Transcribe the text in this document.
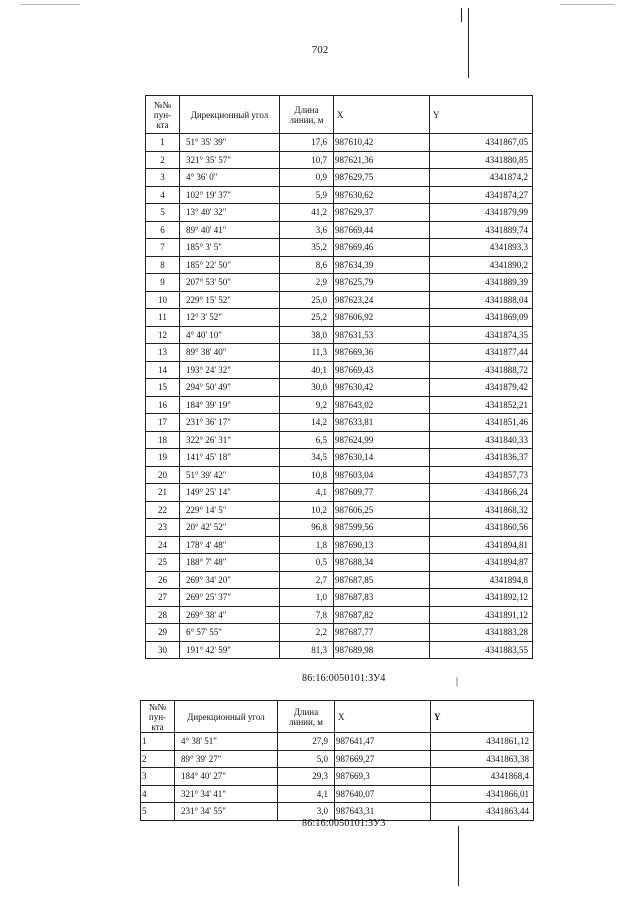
702
№№ пун-кта	Дирекционный угол	Длина линии, м	X	Y
1	51° 35' 39"	17,6	987610,42	4341867,05
2	321° 35' 57"	10,7	987621,36	4341880,85
3	4° 36' 0"	0,9	987629,75	4341874,2
4	102° 19' 37"	5,9	987630,62	4341874,27
5	13° 40' 32"	41,2	987629,37	4341879,99
6	89° 40' 41"	3,6	987669,44	4341889,74
7	185° 3' 5"	35,2	987669,46	4341893,3
8	185° 22' 50"	8,6	987634,39	4341890,2
9	207° 53' 50"	2,9	987625,79	4341889,39
10	229° 15' 52"	25,0	987623,24	4341888,04
11	12° 3' 52"	25,2	987606,92	4341869,09
12	4° 40' 10"	38,0	987631,53	4341874,35
13	89° 38' 40"	11,3	987669,36	4341877,44
14	193° 24' 32"	40,1	987669,43	4341888,72
15	294° 50' 49"	30,0	987630,42	4341879,42
16	184° 39' 19"	9,2	987643,02	4341852,21
17	231° 36' 17"	14,2	987633,81	4341851,46
18	322° 26' 31"	6,5	987624,99	4341840,33
19	141° 45' 18"	34,5	987630,14	4341836,37
20	51° 39' 42"	10,8	987603,04	4341857,73
21	149° 25' 14"	4,1	987609,77	4341866,24
22	229° 14' 5"	10,2	987606,25	4341868,32
23	20° 42' 52"	96,8	987599,56	4341860,56
24	178° 4' 48"	1,8	987690,13	4341894,81
25	188° 7' 48"	0,5	987688,34	4341894,87
26	269° 34' 20"	2,7	987687,85	4341894,8
27	269° 25' 37"	1,0	987687,83	4341892,12
28	269° 38' 4"	7,8	987687,82	4341891,12
29	6° 57' 55"	2,2	987687,77	4341883,28
30	191° 42' 59"	81,3	987689,98	4341883,55
86:16:0050101:ЗУ4	|
№№ пун-кта	Дирекционный угол	Длина линии, м	X	Y
1	4° 38' 51"	27,9	987641,47	4341861,12
2	89° 39' 27"	5,0	987669,27	4341863,38
3	184° 40' 27"	29,3	987669,3	4341868,4
4	321° 34' 41"	4,1	987640,07	4341866,01
5	231° 34' 55"	3,0	987643,31	4341863,44
86:16:0050101:ЗУ3
